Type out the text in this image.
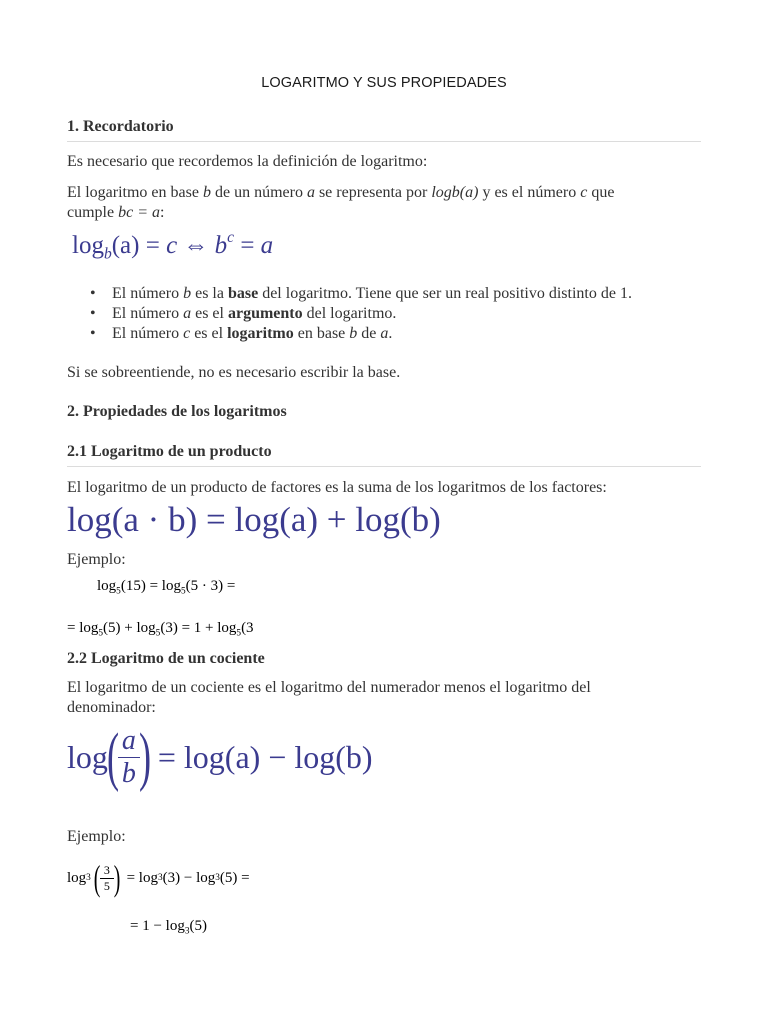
LOGARITMO Y SUS PROPIEDADES
1. Recordatorio
Es necesario que recordemos la definición de logaritmo:
El logaritmo en base b de un número a se representa por logb(a) y es el número c que
cumple bc = a:
$\log_b(a) = c$ ⇔ $b^c = a$
• El número b es la base del logaritmo. Tiene que ser un real positivo distinto de 1.
• El número a es el argumento del logaritmo.
• El número c es el logaritmo en base b de a.
Si se sobreentiende, no es necesario escribir la base.
2. Propiedades de los logaritmos
2.1 Logaritmo de un producto
El logaritmo de un producto de factores es la suma de los logaritmos de los factores:
log(a · b) = log(a) + log(b)
Ejemplo:
$\log_5(15) = \log_5(5 \cdot 3)$ =
= $\log_5(5) + \log_5(3) = 1 + \log_5(3$
2.2 Logaritmo de un cociente
El logaritmo de un cociente es el logaritmo del numerador menos el logaritmo del
denominador:
log
(
$\frac{a}{b}$
)
= log(a) − log(b)
Ejemplo:
log 3 ( $\frac{3}{5}$ ) = log 3 (3) − log 3 (5) =
= $1 - \log_3(5)$
